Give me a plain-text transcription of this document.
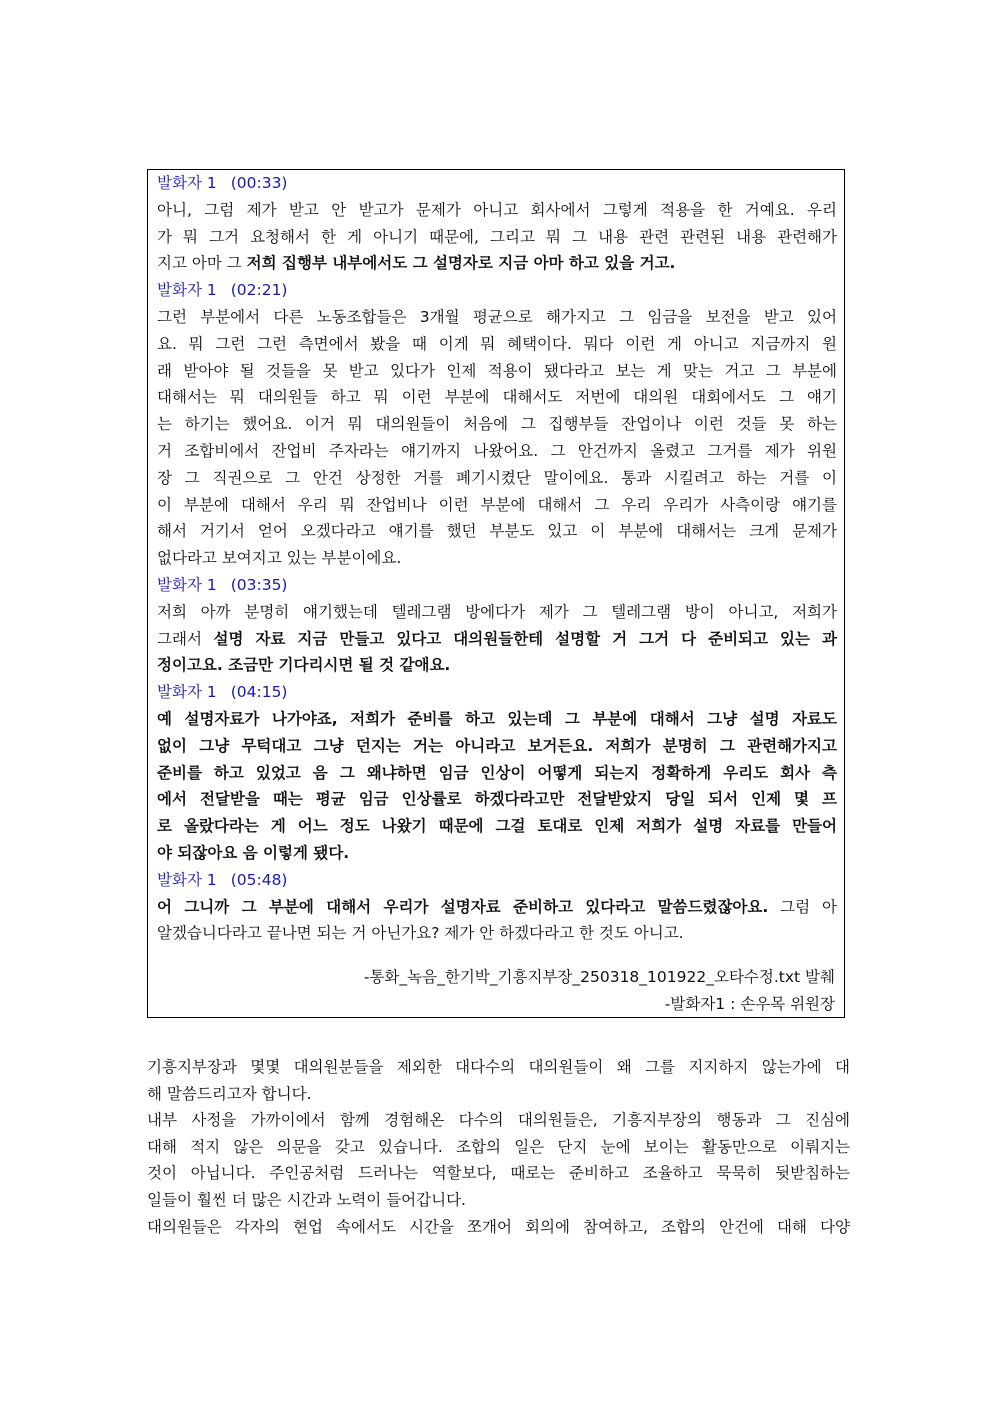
발화자 1 (00:33)
아니, 그럼 제가 받고 안 받고가 문제가 아니고 회사에서 그렇게 적용을 한 거예요. 우리
가 뭐 그거 요청해서 한 게 아니기 때문에, 그리고 뭐 그 내용 관련 관련된 내용 관련해가
지고 아마 그 저희 집행부 내부에서도 그 설명자로 지금 아마 하고 있을 거고.
발화자 1 (02:21)
그런 부분에서 다른 노동조합들은 3개월 평균으로 해가지고 그 임금을 보전을 받고 있어
요. 뭐 그런 그런 측면에서 봤을 때 이게 뭐 혜택이다. 뭐다 이런 게 아니고 지금까지 원
래 받아야 될 것들을 못 받고 있다가 인제 적용이 됐다라고 보는 게 맞는 거고 그 부분에
대해서는 뭐 대의원들 하고 뭐 이런 부분에 대해서도 저번에 대의원 대회에서도 그 얘기
는 하기는 했어요. 이거 뭐 대의원들이 처음에 그 집행부들 잔업이나 이런 것들 못 하는
거 조합비에서 잔업비 주자라는 얘기까지 나왔어요. 그 안건까지 올렸고 그거를 제가 위원
장 그 직권으로 그 안건 상정한 거를 폐기시켰단 말이에요. 통과 시킬려고 하는 거를 이
이 부분에 대해서 우리 뭐 잔업비나 이런 부분에 대해서 그 우리 우리가 사측이랑 얘기를
해서 거기서 얻어 오겠다라고 얘기를 했던 부분도 있고 이 부분에 대해서는 크게 문제가
없다라고 보여지고 있는 부분이에요.
발화자 1 (03:35)
저희 아까 분명히 얘기했는데 텔레그램 방에다가 제가 그 텔레그램 방이 아니고, 저희가
그래서 설명 자료 지금 만들고 있다고 대의원들한테 설명할 거 그거 다 준비되고 있는 과
정이고요. 조금만 기다리시면 될 것 같애요.
발화자 1 (04:15)
예 설명자료가 나가야죠, 저희가 준비를 하고 있는데 그 부분에 대해서 그냥 설명 자료도
없이 그냥 무턱대고 그냥 던지는 거는 아니라고 보거든요. 저희가 분명히 그 관련해가지고
준비를 하고 있었고 음 그 왜냐하면 임금 인상이 어떻게 되는지 정확하게 우리도 회사 측
에서 전달받을 때는 평균 임금 인상률로 하겠다라고만 전달받았지 당일 되서 인제 몇 프
로 올랐다라는 게 어느 정도 나왔기 때문에 그걸 토대로 인제 저희가 설명 자료를 만들어
야 되잖아요 음 이렇게 됐다.
발화자 1 (05:48)
어 그니까 그 부분에 대해서 우리가 설명자료 준비하고 있다라고 말씀드렸잖아요. 그럼 아
알겠습니다라고 끝나면 되는 거 아닌가요? 제가 안 하겠다라고 한 것도 아니고.
-통화_녹음_한기박_기흥지부장_250318_101922_오타수정.txt 발췌
-발화자1 : 손우목 위원장
기흥지부장과 몇몇 대의원분들을 제외한 대다수의 대의원들이 왜 그를 지지하지 않는가에 대
해 말씀드리고자 합니다.
내부 사정을 가까이에서 함께 경험해온 다수의 대의원들은, 기흥지부장의 행동과 그 진심에
대해 적지 않은 의문을 갖고 있습니다. 조합의 일은 단지 눈에 보이는 활동만으로 이뤄지는
것이 아닙니다. 주인공처럼 드러나는 역할보다, 때로는 준비하고 조율하고 묵묵히 뒷받침하는
일들이 훨씬 더 많은 시간과 노력이 들어갑니다.
대의원들은 각자의 현업 속에서도 시간을 쪼개어 회의에 참여하고, 조합의 안건에 대해 다양
